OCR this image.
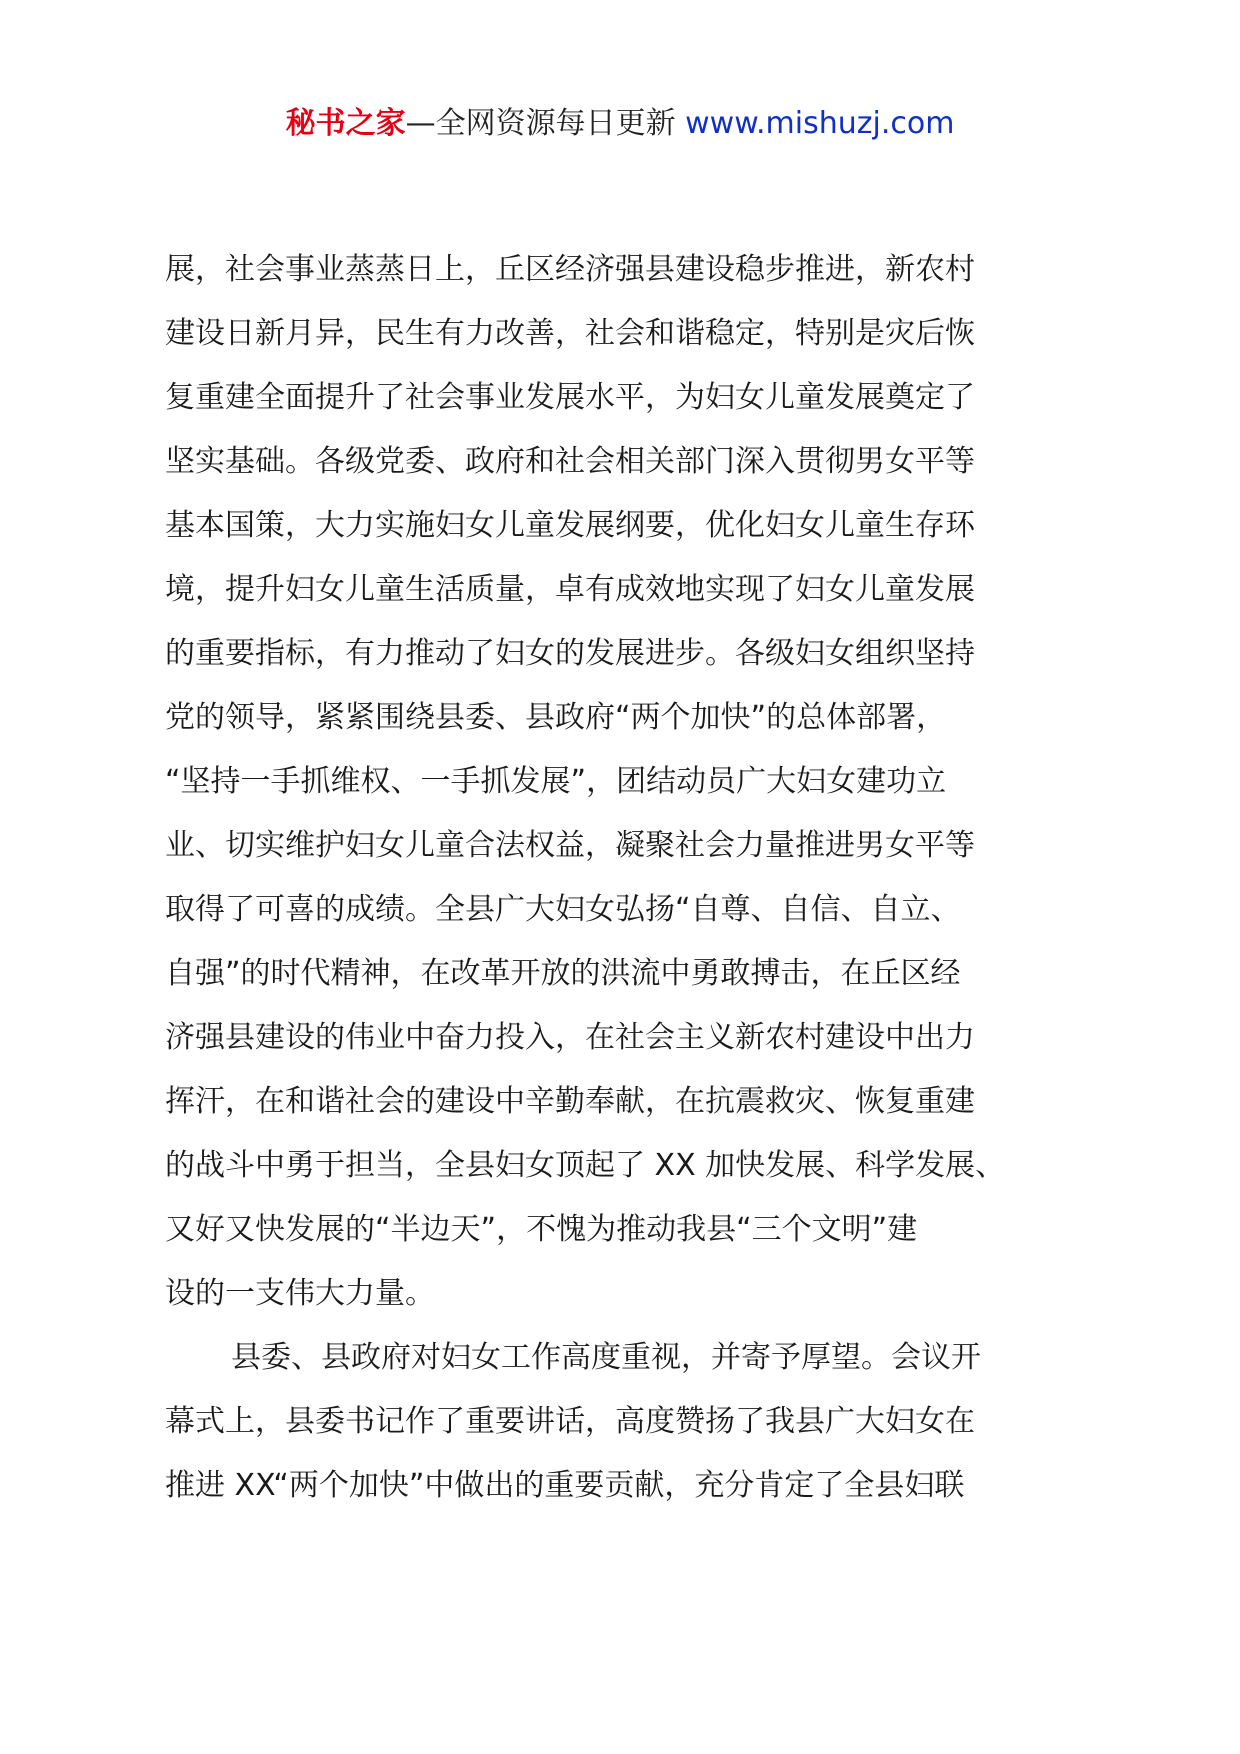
秘书之家—全网资源每日更新 www.mishuzj.com
展，社会事业蒸蒸日上，丘区经济强县建设稳步推进，新农村
建设日新月异，民生有力改善，社会和谐稳定，特别是灾后恢
复重建全面提升了社会事业发展水平，为妇女儿童发展奠定了
坚实基础。各级党委、政府和社会相关部门深入贯彻男女平等
基本国策，大力实施妇女儿童发展纲要，优化妇女儿童生存环
境，提升妇女儿童生活质量，卓有成效地实现了妇女儿童发展
的重要指标，有力推动了妇女的发展进步。各级妇女组织坚持
党的领导，紧紧围绕县委、县政府“两个加快”的总体部署，
“坚持一手抓维权、一手抓发展”，团结动员广大妇女建功立
业、切实维护妇女儿童合法权益，凝聚社会力量推进男女平等
取得了可喜的成绩。全县广大妇女弘扬“自尊、自信、自立、
自强”的时代精神，在改革开放的洪流中勇敢搏击，在丘区经
济强县建设的伟业中奋力投入，在社会主义新农村建设中出力
挥汗，在和谐社会的建设中辛勤奉献，在抗震救灾、恢复重建
的战斗中勇于担当，全县妇女顶起了 XX 加快发展、科学发展、
又好又快发展的“半边天”，不愧为推动我县“三个文明”建
设的一支伟大力量。
县委、县政府对妇女工作高度重视，并寄予厚望。会议开
幕式上，县委书记作了重要讲话，高度赞扬了我县广大妇女在
推进 XX“两个加快”中做出的重要贡献，充分肯定了全县妇联
